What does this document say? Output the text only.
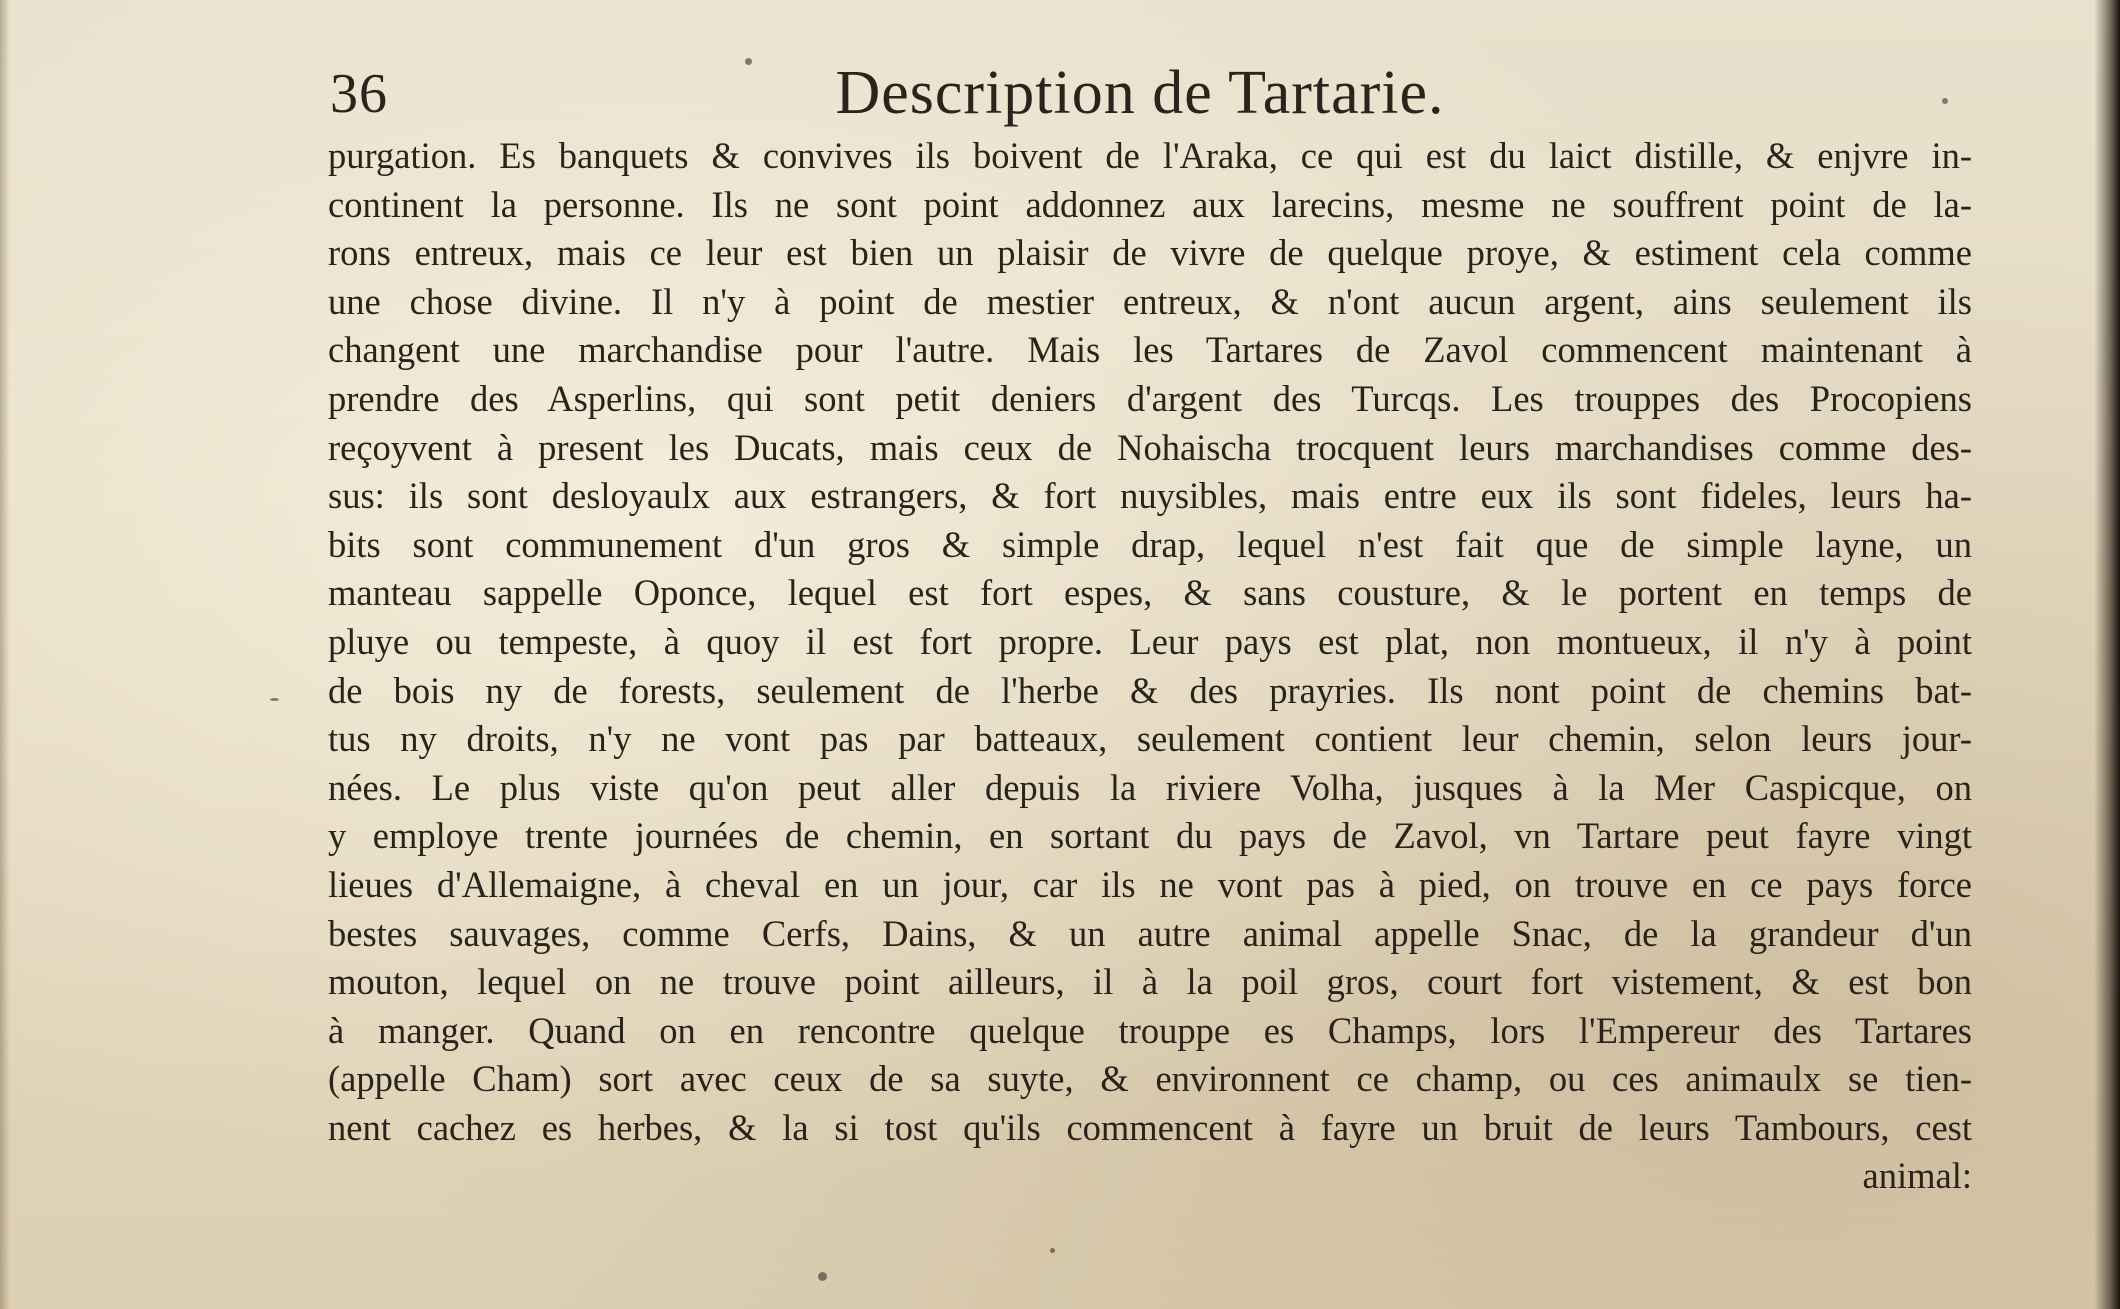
36	Description de Tartarie.
purgation. Es banquets & convives ils boivent de l'Araka, ce qui est du laict distille, & enjvre in-
continent la personne. Ils ne sont point addonnez aux larecins, mesme ne souffrent point de la-
rons entreux, mais ce leur est bien un plaisir de vivre de quelque proye, & estiment cela comme
une chose divine. Il n'y à point de mestier entreux, & n'ont aucun argent, ains seulement ils
changent une marchandise pour l'autre. Mais les Tartares de Zavol commencent maintenant à
prendre des Asperlins, qui sont petit deniers d'argent des Turcqs. Les trouppes des Procopiens
reçoyvent à present les Ducats, mais ceux de Nohaischa trocquent leurs marchandises comme des-
sus: ils sont desloyaulx aux estrangers, & fort nuysibles, mais entre eux ils sont fideles, leurs ha-
bits sont communement d'un gros & simple drap, lequel n'est fait que de simple layne, un
manteau sappelle Oponce, lequel est fort espes, & sans cousture, & le portent en temps de
pluye ou tempeste, à quoy il est fort propre. Leur pays est plat, non montueux, il n'y à point
de bois ny de forests, seulement de l'herbe & des prayries. Ils nont point de chemins bat-
tus ny droits, n'y ne vont pas par batteaux, seulement contient leur chemin, selon leurs jour-
nées. Le plus viste qu'on peut aller depuis la riviere Volha, jusques à la Mer Caspicque, on
y employe trente journées de chemin, en sortant du pays de Zavol, vn Tartare peut fayre vingt
lieues d'Allemaigne, à cheval en un jour, car ils ne vont pas à pied, on trouve en ce pays force
bestes sauvages, comme Cerfs, Dains, & un autre animal appelle Snac, de la grandeur d'un
mouton, lequel on ne trouve point ailleurs, il à la poil gros, court fort vistement, & est bon
à manger. Quand on en rencontre quelque trouppe es Champs, lors l'Empereur des Tartares
(appelle Cham) sort avec ceux de sa suyte, & environnent ce champ, ou ces animaulx se tien-
nent cachez es herbes, & la si tost qu'ils commencent à fayre un bruit de leurs Tambours, cest
animal:
